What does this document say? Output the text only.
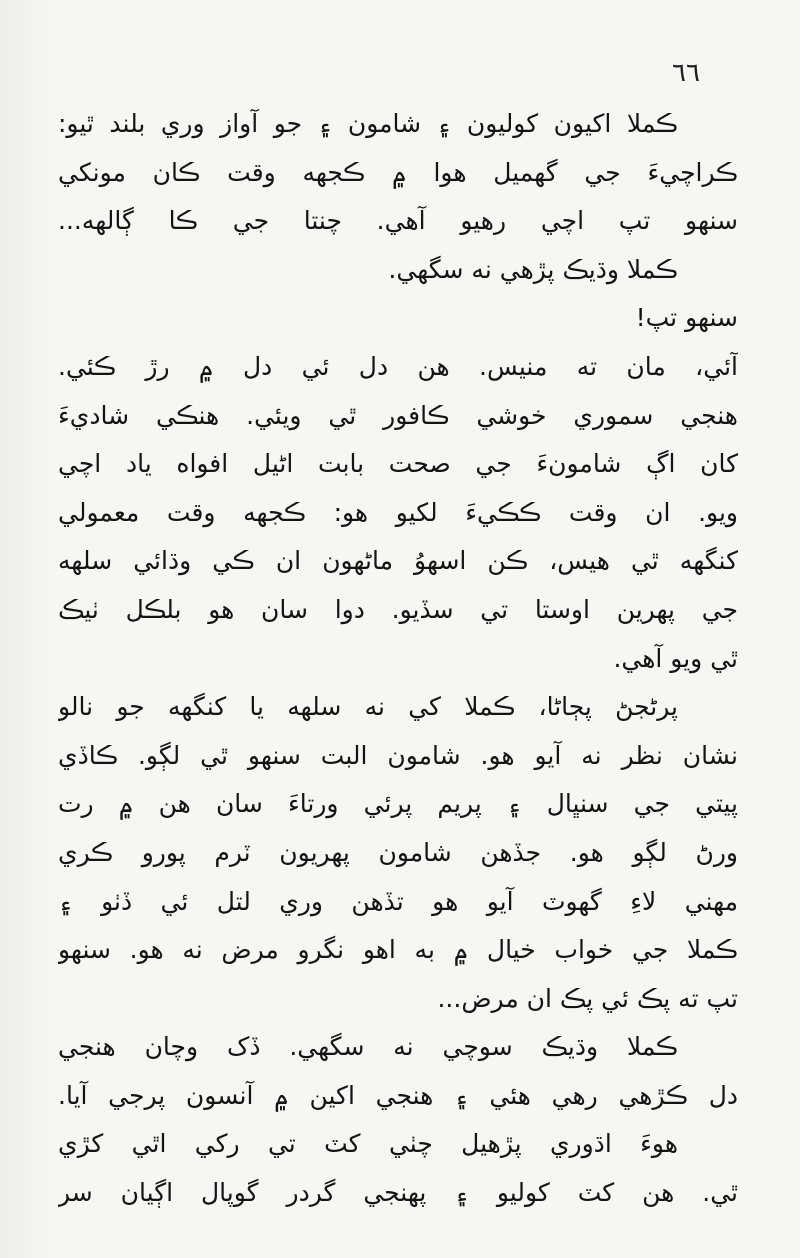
٦٦
ڪملا اکيون کوليون ۽ شامون ۽ جو آواز وري بلند ٿيو:
ڪراچيءَ جي گهميل هوا ۾ ڪجهه وقت ڪان مونکي
سنهو تپ اچي رهيو آهي. چنتا جي ڪا ڳالهه...
ڪملا وڌيڪ پڙهي نه سگهي.
سنهو تپ!
آئي، مان ته منيس. هن دل ئي دل ۾ رڙ ڪئي.
هنجي سموري خوشي ڪافور ٿي ويئي. هنڪي شاديءَ
کان اڳ شامونءَ جي صحت بابت اڻيل افواه ياد اچي
ويو. ان وقت ڪڪيءَ لکيو هو: ڪجهه وقت معمولي
کنگهه ٿي هيس، ڪن اسهوُ ماڻهون ان ڪي وڌائي سلهه
جي پهرين اوستا تي سڏيو. دوا سان هو بلڪل ٺيڪ
ٿي ويو آهي.
پرڻجڻ پڄاڻا، ڪملا کي نه سلهه يا کنگهه جو نالو
نشان نظر نه آيو هو. شامون البت سنهو ٿي لڳو. ڪاڏي
پيتي جي سنڀال ۽ پريم پرئي ورتاءَ سان هن ۾ رت
ورڻ لڳو هو. جڏهن شامون پهريون ٽرم پورو ڪري
مهني لاءِ گهوٽ آيو هو تڏهن وري لتل ئي ڏٺو ۽
ڪملا جي خواب خيال ۾ به اهو نگرو مرض نه هو. سنهو
تپ ته پڪ ئي پڪ ان مرض...
ڪملا وڌيڪ سوچي نه سگهي. ڏک وچان هنجي
دل ڪڙهي رهي هئي ۽ هنجي اکين ۾ آنسون پرجي آيا.
هوءَ اڌوري پڙهيل چٺي کٽ تي رکي اٿي کڙي
ٿي. هن کٽ کوليو ۽ پهنجي گردر گوپال اڳيان سر
